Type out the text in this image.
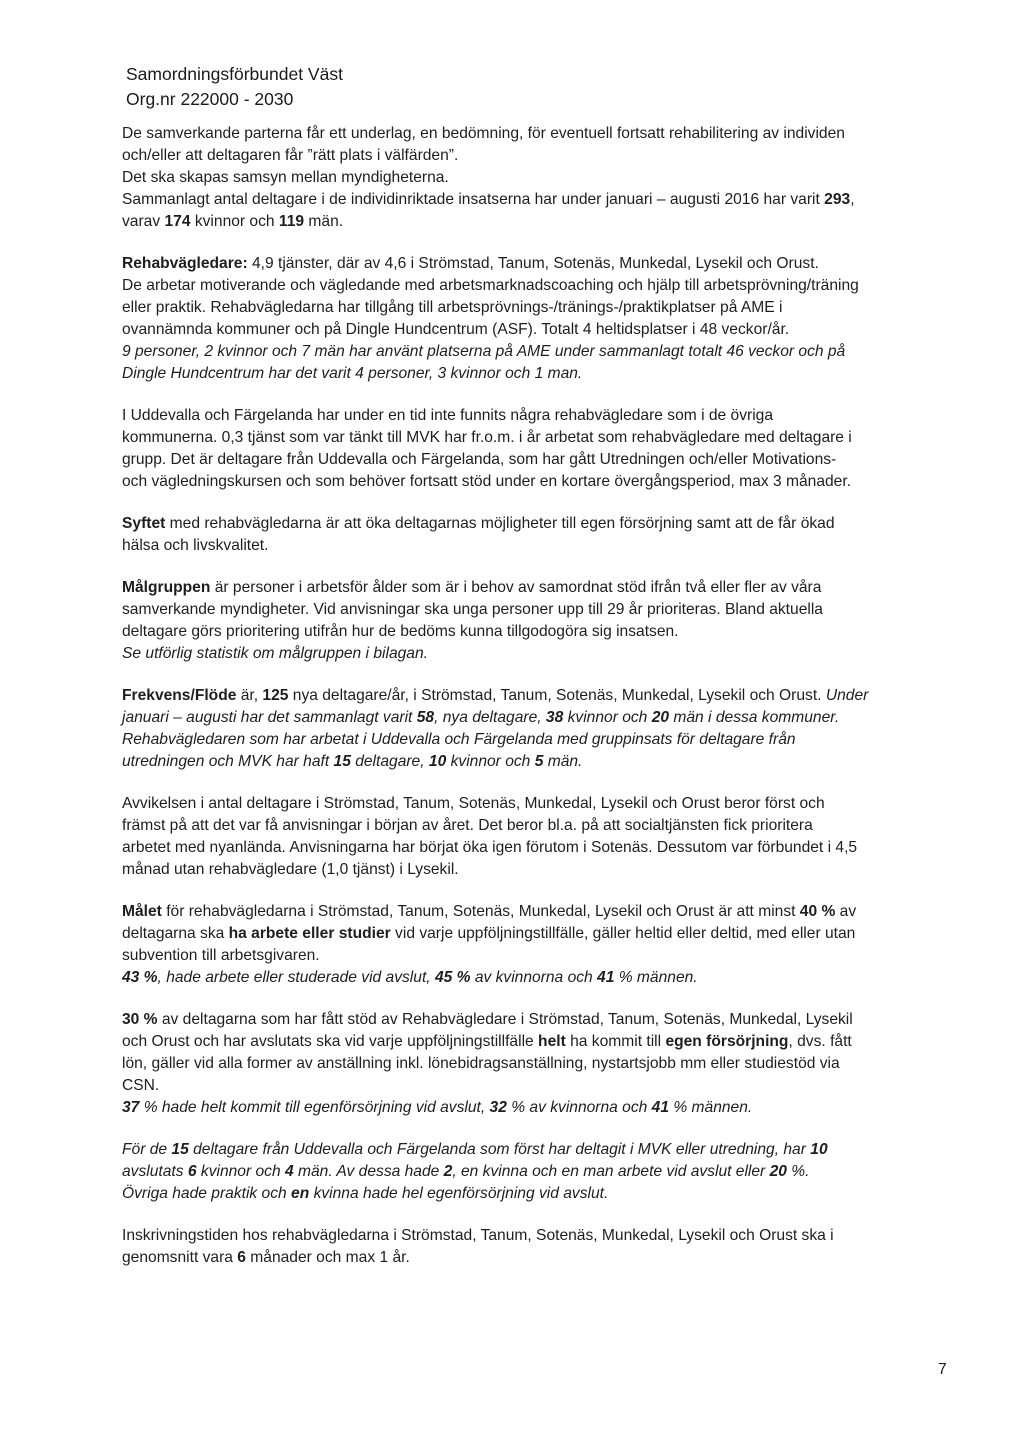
Samordningsförbundet Väst
Org.nr 222000 - 2030
De samverkande parterna får ett underlag, en bedömning, för eventuell fortsatt rehabilitering av individen
och/eller att deltagaren får ”rätt plats i välfärden”.
Det ska skapas samsyn mellan myndigheterna.
Sammanlagt antal deltagare i de individinriktade insatserna har under januari – augusti 2016 har varit 293,
varav 174 kvinnor och 119 män.
Rehabvägledare: 4,9 tjänster, där av 4,6 i Strömstad, Tanum, Sotenäs, Munkedal, Lysekil och Orust.
De arbetar motiverande och vägledande med arbetsmarknadscoaching och hjälp till arbetsprövning/träning
eller praktik. Rehabvägledarna har tillgång till arbetsprövnings-/tränings-/praktikplatser på AME i
ovannämnda kommuner och på Dingle Hundcentrum (ASF). Totalt 4 heltidsplatser i 48 veckor/år.
9 personer, 2 kvinnor och 7 män har använt platserna på AME under sammanlagt totalt 46 veckor och på
Dingle Hundcentrum har det varit 4 personer, 3 kvinnor och 1 man.
I Uddevalla och Färgelanda har under en tid inte funnits några rehabvägledare som i de övriga
kommunerna. 0,3 tjänst som var tänkt till MVK har fr.o.m. i år arbetat som rehabvägledare med deltagare i
grupp. Det är deltagare från Uddevalla och Färgelanda, som har gått Utredningen och/eller Motivations-
och vägledningskursen och som behöver fortsatt stöd under en kortare övergångsperiod, max 3 månader.
Syftet med rehabvägledarna är att öka deltagarnas möjligheter till egen försörjning samt att de får ökad
hälsa och livskvalitet.
Målgruppen är personer i arbetsför ålder som är i behov av samordnat stöd ifrån två eller fler av våra
samverkande myndigheter. Vid anvisningar ska unga personer upp till 29 år prioriteras. Bland aktuella
deltagare görs prioritering utifrån hur de bedöms kunna tillgodogöra sig insatsen.
Se utförlig statistik om målgruppen i bilagan.
Frekvens/Flöde är, 125 nya deltagare/år, i Strömstad, Tanum, Sotenäs, Munkedal, Lysekil och Orust. Under
januari – augusti har det sammanlagt varit 58, nya deltagare, 38 kvinnor och 20 män i dessa kommuner.
Rehabvägledaren som har arbetat i Uddevalla och Färgelanda med gruppinsats för deltagare från
utredningen och MVK har haft 15 deltagare, 10 kvinnor och 5 män.
Avvikelsen i antal deltagare i Strömstad, Tanum, Sotenäs, Munkedal, Lysekil och Orust beror först och
främst på att det var få anvisningar i början av året. Det beror bl.a. på att socialtjänsten fick prioritera
arbetet med nyanlända. Anvisningarna har börjat öka igen förutom i Sotenäs. Dessutom var förbundet i 4,5
månad utan rehabvägledare (1,0 tjänst) i Lysekil.
Målet för rehabvägledarna i Strömstad, Tanum, Sotenäs, Munkedal, Lysekil och Orust är att minst 40 % av
deltagarna ska ha arbete eller studier vid varje uppföljningstillfälle, gäller heltid eller deltid, med eller utan
subvention till arbetsgivaren.
43 %, hade arbete eller studerade vid avslut, 45 % av kvinnorna och 41 % männen.
30 % av deltagarna som har fått stöd av Rehabvägledare i Strömstad, Tanum, Sotenäs, Munkedal, Lysekil
och Orust och har avslutats ska vid varje uppföljningstillfälle helt ha kommit till egen försörjning, dvs. fått
lön, gäller vid alla former av anställning inkl. lönebidragsanställning, nystartsjobb mm eller studiestöd via
CSN.
37 % hade helt kommit till egenförsörjning vid avslut, 32 % av kvinnorna och 41 % männen.
För de 15 deltagare från Uddevalla och Färgelanda som först har deltagit i MVK eller utredning, har 10
avslutats 6 kvinnor och 4 män. Av dessa hade 2, en kvinna och en man arbete vid avslut eller 20 %.
Övriga hade praktik och en kvinna hade hel egenförsörjning vid avslut.
Inskrivningstiden hos rehabvägledarna i Strömstad, Tanum, Sotenäs, Munkedal, Lysekil och Orust ska i
genomsnitt vara 6 månader och max 1 år.
7
